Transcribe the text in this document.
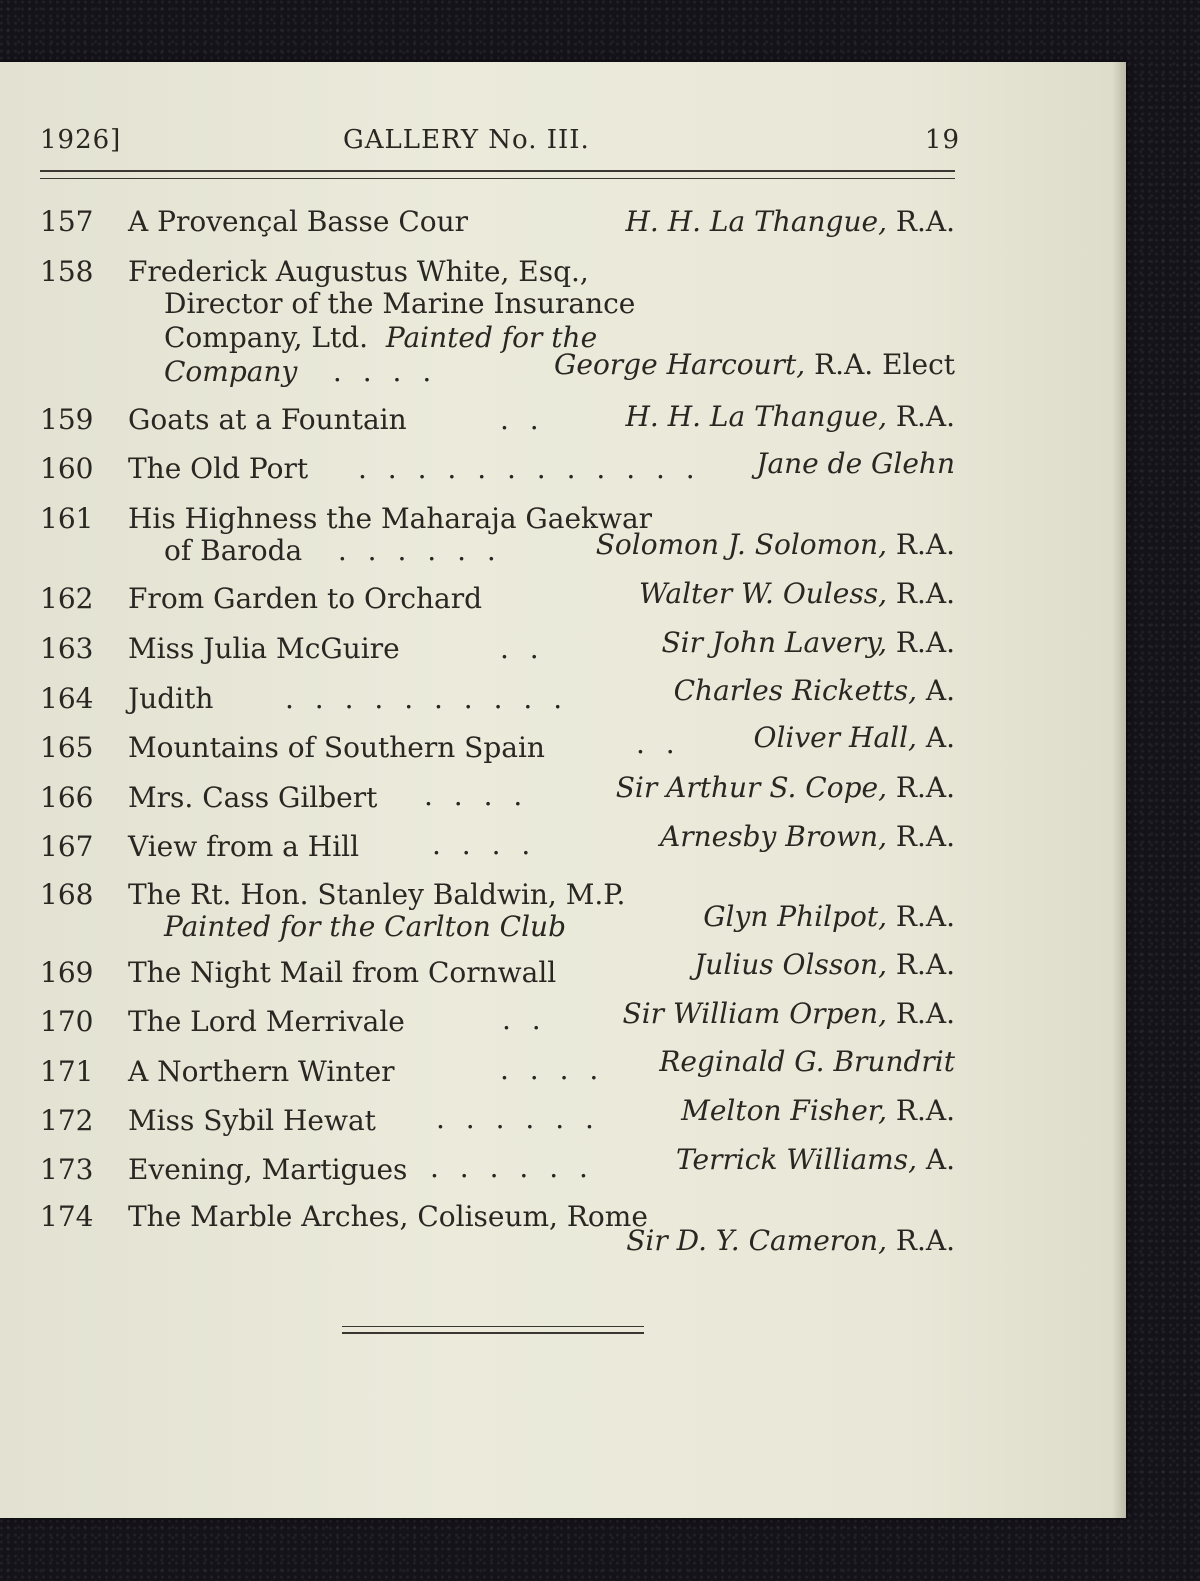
1926]	GALLERY No. III.	19
157	A Provençal Basse Cour	H. H. La Thangue, R.A.
158	Frederick Augustus White, Esq.,
Director of the Marine Insurance
Company, Ltd. Painted for the
Company . . . .	George Harcourt, R.A. Elect
159	Goats at a Fountain	. .	H. H. La Thangue, R.A.
160	The Old Port . . . . . . . . . . . . Jane de Glehn
161	His Highness the Maharaja Gaekwar
of Baroda . . . . . .	Solomon J. Solomon, R.A.
162	From Garden to Orchard	Walter W. Ouless, R.A.
163	Miss Julia McGuire	. .	Sir John Lavery, R.A.
164	Judith	. . . . . . . . . .	Charles Ricketts, A.
165	Mountains of Southern Spain	. .	Oliver Hall, A.
166	Mrs. Cass Gilbert . . . .	Sir Arthur S. Cope, R.A.
167	View from a Hill	. . . .	Arnesby Brown, R.A.
168	The Rt. Hon. Stanley Baldwin, M.P.
Painted for the Carlton Club	Glyn Philpot, R.A.
169	The Night Mail from Cornwall	Julius Olsson, R.A.
170	The Lord Merrivale	. .	Sir William Orpen, R.A.
171	A Northern Winter	. . . . Reginald G. Brundrit
172	Miss Sybil Hewat . . . . . .	Melton Fisher, R.A.
173	Evening, Martigues . . . . . .	Terrick Williams, A.
174	The Marble Arches, Coliseum, Rome
Sir D. Y. Cameron, R.A.
